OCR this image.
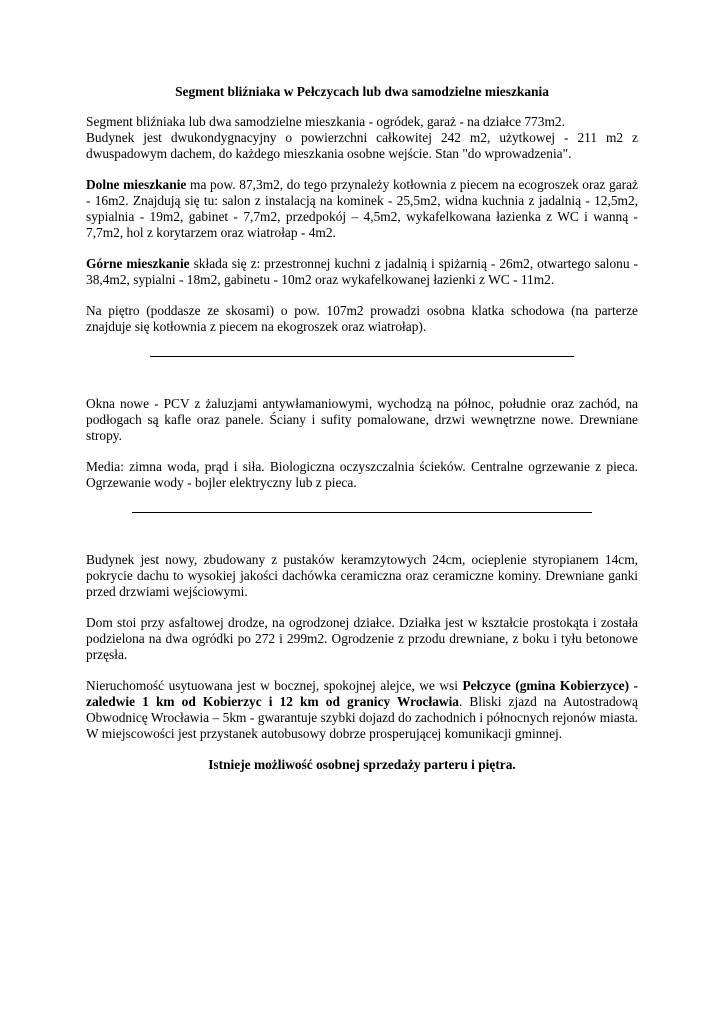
Segment bliźniaka w Pełczycach lub dwa samodzielne mieszkania

Segment bliźniaka lub dwa samodzielne mieszkania - ogródek, garaż - na działce 773m2.
Budynek jest dwukondygnacyjny o powierzchni całkowitej 242 m2, użytkowej - 211 m2 z dwuspadowym dachem, do każdego mieszkania osobne wejście. Stan "do wprowadzenia".

Dolne mieszkanie ma pow. 87,3m2, do tego przynależy kotłownia z piecem na ecogroszek oraz garaż - 16m2. Znajdują się tu: salon z instalacją na kominek - 25,5m2, widna kuchnia z jadalnią - 12,5m2, sypialnia - 19m2, gabinet - 7,7m2, przedpokój – 4,5m2, wykafelkowana łazienka z WC i wanną - 7,7m2, hol z korytarzem oraz wiatrołap - 4m2.

Górne mieszkanie składa się z: przestronnej kuchni z jadalnią i spiżarnią - 26m2, otwartego salonu - 38,4m2, sypialni - 18m2, gabinetu - 10m2 oraz wykafelkowanej łazienki z WC - 11m2.

Na piętro (poddasze ze skosami) o pow. 107m2 prowadzi osobna klatka schodowa (na parterze znajduje się kotłownia z piecem na ekogroszek oraz wiatrołap).

Okna nowe - PCV z żaluzjami antywłamaniowymi, wychodzą na północ, południe oraz zachód, na podłogach są kafle oraz panele. Ściany i sufity pomalowane, drzwi wewnętrzne nowe. Drewniane stropy.

Media: zimna woda, prąd i siła. Biologiczna oczyszczalnia ścieków. Centralne ogrzewanie z pieca. Ogrzewanie wody - bojler elektryczny lub z pieca.

Budynek jest nowy, zbudowany z pustaków keramzytowych 24cm, ocieplenie styropianem 14cm, pokrycie dachu to wysokiej jakości dachówka ceramiczna oraz ceramiczne kominy. Drewniane ganki przed drzwiami wejściowymi.

Dom stoi przy asfaltowej drodze, na ogrodzonej działce. Działka jest w kształcie prostokąta i została podzielona na dwa ogródki po 272 i 299m2. Ogrodzenie z przodu drewniane, z boku i tyłu betonowe przęsła.

Nieruchomość usytuowana jest w bocznej, spokojnej alejce, we wsi Pełczyce (gmina Kobierzyce) - zaledwie 1 km od Kobierzyc i 12 km od granicy Wrocławia. Bliski zjazd na Autostradową Obwodnicę Wrocławia – 5km - gwarantuje szybki dojazd do zachodnich i północnych rejonów miasta. W miejscowości jest przystanek autobusowy dobrze prosperującej komunikacji gminnej.

Istnieje możliwość osobnej sprzedaży parteru i piętra.
